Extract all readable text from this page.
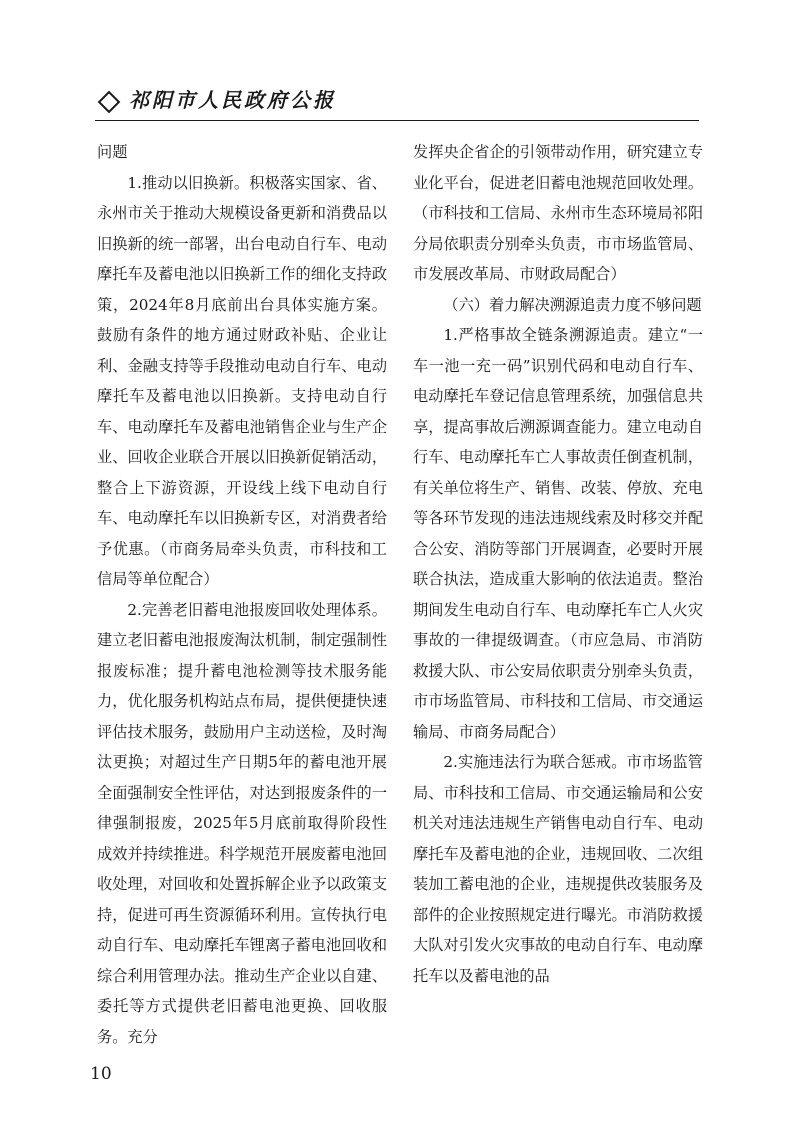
祁阳市人民政府公报

问题

1.推动以旧换新。积极落实国家、省、永州市关于推动大规模设备更新和消费品以旧换新的统一部署，出台电动自行车、电动摩托车及蓄电池以旧换新工作的细化支持政策，2024年8月底前出台具体实施方案。鼓励有条件的地方通过财政补贴、企业让利、金融支持等手段推动电动自行车、电动摩托车及蓄电池以旧换新。支持电动自行车、电动摩托车及蓄电池销售企业与生产企业、回收企业联合开展以旧换新促销活动，整合上下游资源，开设线上线下电动自行车、电动摩托车以旧换新专区，对消费者给予优惠。（市商务局牵头负责，市科技和工信局等单位配合）

2.完善老旧蓄电池报废回收处理体系。建立老旧蓄电池报废淘汰机制，制定强制性报废标准；提升蓄电池检测等技术服务能力，优化服务机构站点布局，提供便捷快速评估技术服务，鼓励用户主动送检，及时淘汰更换；对超过生产日期5年的蓄电池开展全面强制安全性评估，对达到报废条件的一律强制报废，2025年5月底前取得阶段性成效并持续推进。科学规范开展废蓄电池回收处理，对回收和处置拆解企业予以政策支持，促进可再生资源循环利用。宣传执行电动自行车、电动摩托车锂离子蓄电池回收和综合利用管理办法。推动生产企业以自建、委托等方式提供老旧蓄电池更换、回收服务。充分

发挥央企省企的引领带动作用，研究建立专业化平台，促进老旧蓄电池规范回收处理。（市科技和工信局、永州市生态环境局祁阳分局依职责分别牵头负责，市市场监管局、市发展改革局、市财政局配合）

（六）着力解决溯源追责力度不够问题

1.严格事故全链条溯源追责。建立“一车一池一充一码”识别代码和电动自行车、电动摩托车登记信息管理系统，加强信息共享，提高事故后溯源调查能力。建立电动自行车、电动摩托车亡人事故责任倒查机制，有关单位将生产、销售、改装、停放、充电等各环节发现的违法违规线索及时移交并配合公安、消防等部门开展调查，必要时开展联合执法，造成重大影响的依法追责。整治期间发生电动自行车、电动摩托车亡人火灾事故的一律提级调查。（市应急局、市消防救援大队、市公安局依职责分别牵头负责，市市场监管局、市科技和工信局、市交通运输局、市商务局配合）

2.实施违法行为联合惩戒。市市场监管局、市科技和工信局、市交通运输局和公安机关对违法违规生产销售电动自行车、电动摩托车及蓄电池的企业，违规回收、二次组装加工蓄电池的企业，违规提供改装服务及部件的企业按照规定进行曝光。市消防救援大队对引发火灾事故的电动自行车、电动摩托车以及蓄电池的品

10
